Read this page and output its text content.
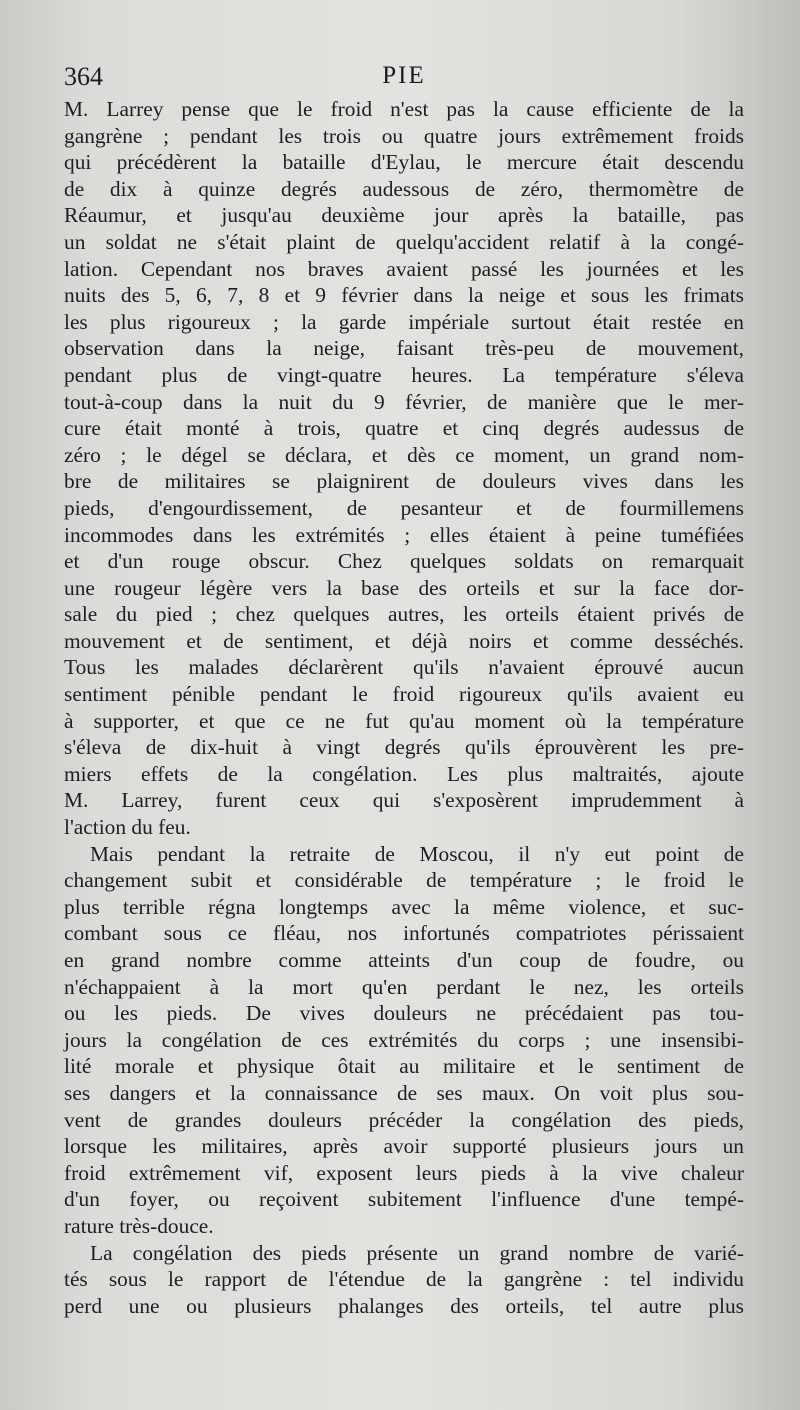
364	PIE
M. Larrey pense que le froid n'est pas la cause efficiente de la
gangrène ; pendant les trois ou quatre jours extrêmement froids
qui précédèrent la bataille d'Eylau, le mercure était descendu
de dix à quinze degrés audessous de zéro, thermomètre de
Réaumur, et jusqu'au deuxième jour après la bataille, pas
un soldat ne s'était plaint de quelqu'accident relatif à la congé-
lation. Cependant nos braves avaient passé les journées et les
nuits des 5, 6, 7, 8 et 9 février dans la neige et sous les frimats
les plus rigoureux ; la garde impériale surtout était restée en
observation dans la neige, faisant très-peu de mouvement,
pendant plus de vingt-quatre heures. La température s'éleva
tout-à-coup dans la nuit du 9 février, de manière que le mer-
cure était monté à trois, quatre et cinq degrés audessus de
zéro ; le dégel se déclara, et dès ce moment, un grand nom-
bre de militaires se plaignirent de douleurs vives dans les
pieds, d'engourdissement, de pesanteur et de fourmillemens
incommodes dans les extrémités ; elles étaient à peine tuméfiées
et d'un rouge obscur. Chez quelques soldats on remarquait
une rougeur légère vers la base des orteils et sur la face dor-
sale du pied ; chez quelques autres, les orteils étaient privés de
mouvement et de sentiment, et déjà noirs et comme desséchés.
Tous les malades déclarèrent qu'ils n'avaient éprouvé aucun
sentiment pénible pendant le froid rigoureux qu'ils avaient eu
à supporter, et que ce ne fut qu'au moment où la température
s'éleva de dix-huit à vingt degrés qu'ils éprouvèrent les pre-
miers effets de la congélation. Les plus maltraités, ajoute
M. Larrey, furent ceux qui s'exposèrent imprudemment à
l'action du feu.
Mais pendant la retraite de Moscou, il n'y eut point de
changement subit et considérable de température ; le froid le
plus terrible régna longtemps avec la même violence, et suc-
combant sous ce fléau, nos infortunés compatriotes périssaient
en grand nombre comme atteints d'un coup de foudre, ou
n'échappaient à la mort qu'en perdant le nez, les orteils
ou les pieds. De vives douleurs ne précédaient pas tou-
jours la congélation de ces extrémités du corps ; une insensibi-
lité morale et physique ôtait au militaire et le sentiment de
ses dangers et la connaissance de ses maux. On voit plus sou-
vent de grandes douleurs précéder la congélation des pieds,
lorsque les militaires, après avoir supporté plusieurs jours un
froid extrêmement vif, exposent leurs pieds à la vive chaleur
d'un foyer, ou reçoivent subitement l'influence d'une tempé-
rature très-douce.
La congélation des pieds présente un grand nombre de varié-
tés sous le rapport de l'étendue de la gangrène : tel individu
perd une ou plusieurs phalanges des orteils, tel autre plus
